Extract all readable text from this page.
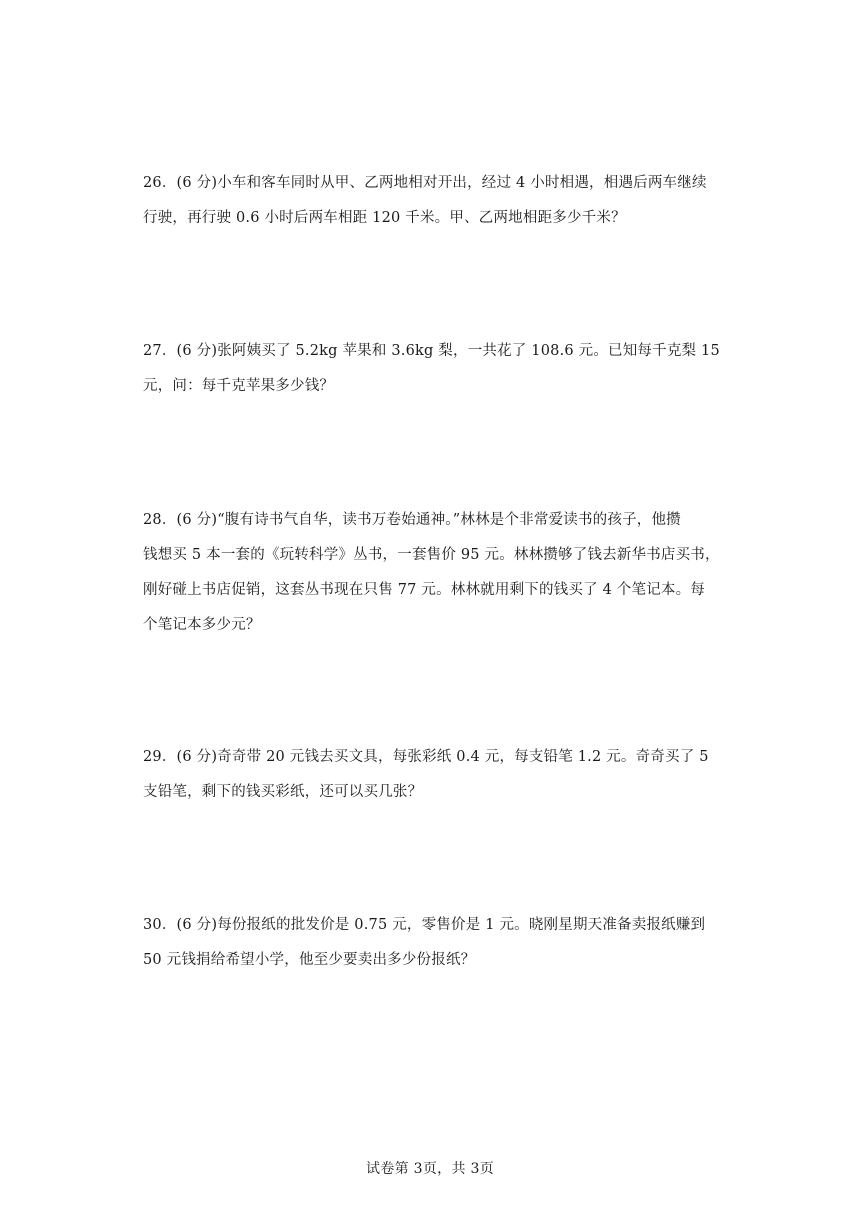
26．(6 分)小车和客车同时从甲、乙两地相对开出，经过 4 小时相遇，相遇后两车继续

行驶，再行驶 0.6 小时后两车相距 120 千米。甲、乙两地相距多少千米？

27．(6 分)张阿姨买了 5.2kg 苹果和 3.6kg 梨，一共花了 108.6 元。已知每千克梨 15

元，问：每千克苹果多少钱？

28．(6 分)“腹有诗书气自华，读书万卷始通神。”林林是个非常爱读书的孩子，他攒

钱想买 5 本一套的《玩转科学》丛书，一套售价 95 元。林林攒够了钱去新华书店买书，

刚好碰上书店促销，这套丛书现在只售 77 元。林林就用剩下的钱买了 4 个笔记本。每

个笔记本多少元？

29．(6 分)奇奇带 20 元钱去买文具，每张彩纸 0.4 元，每支铅笔 1.2 元。奇奇买了 5

支铅笔，剩下的钱买彩纸，还可以买几张？

30．(6 分)每份报纸的批发价是 0.75 元，零售价是 1 元。晓刚星期天准备卖报纸赚到

50 元钱捐给希望小学，他至少要卖出多少份报纸？

试卷第 3页，共 3页
